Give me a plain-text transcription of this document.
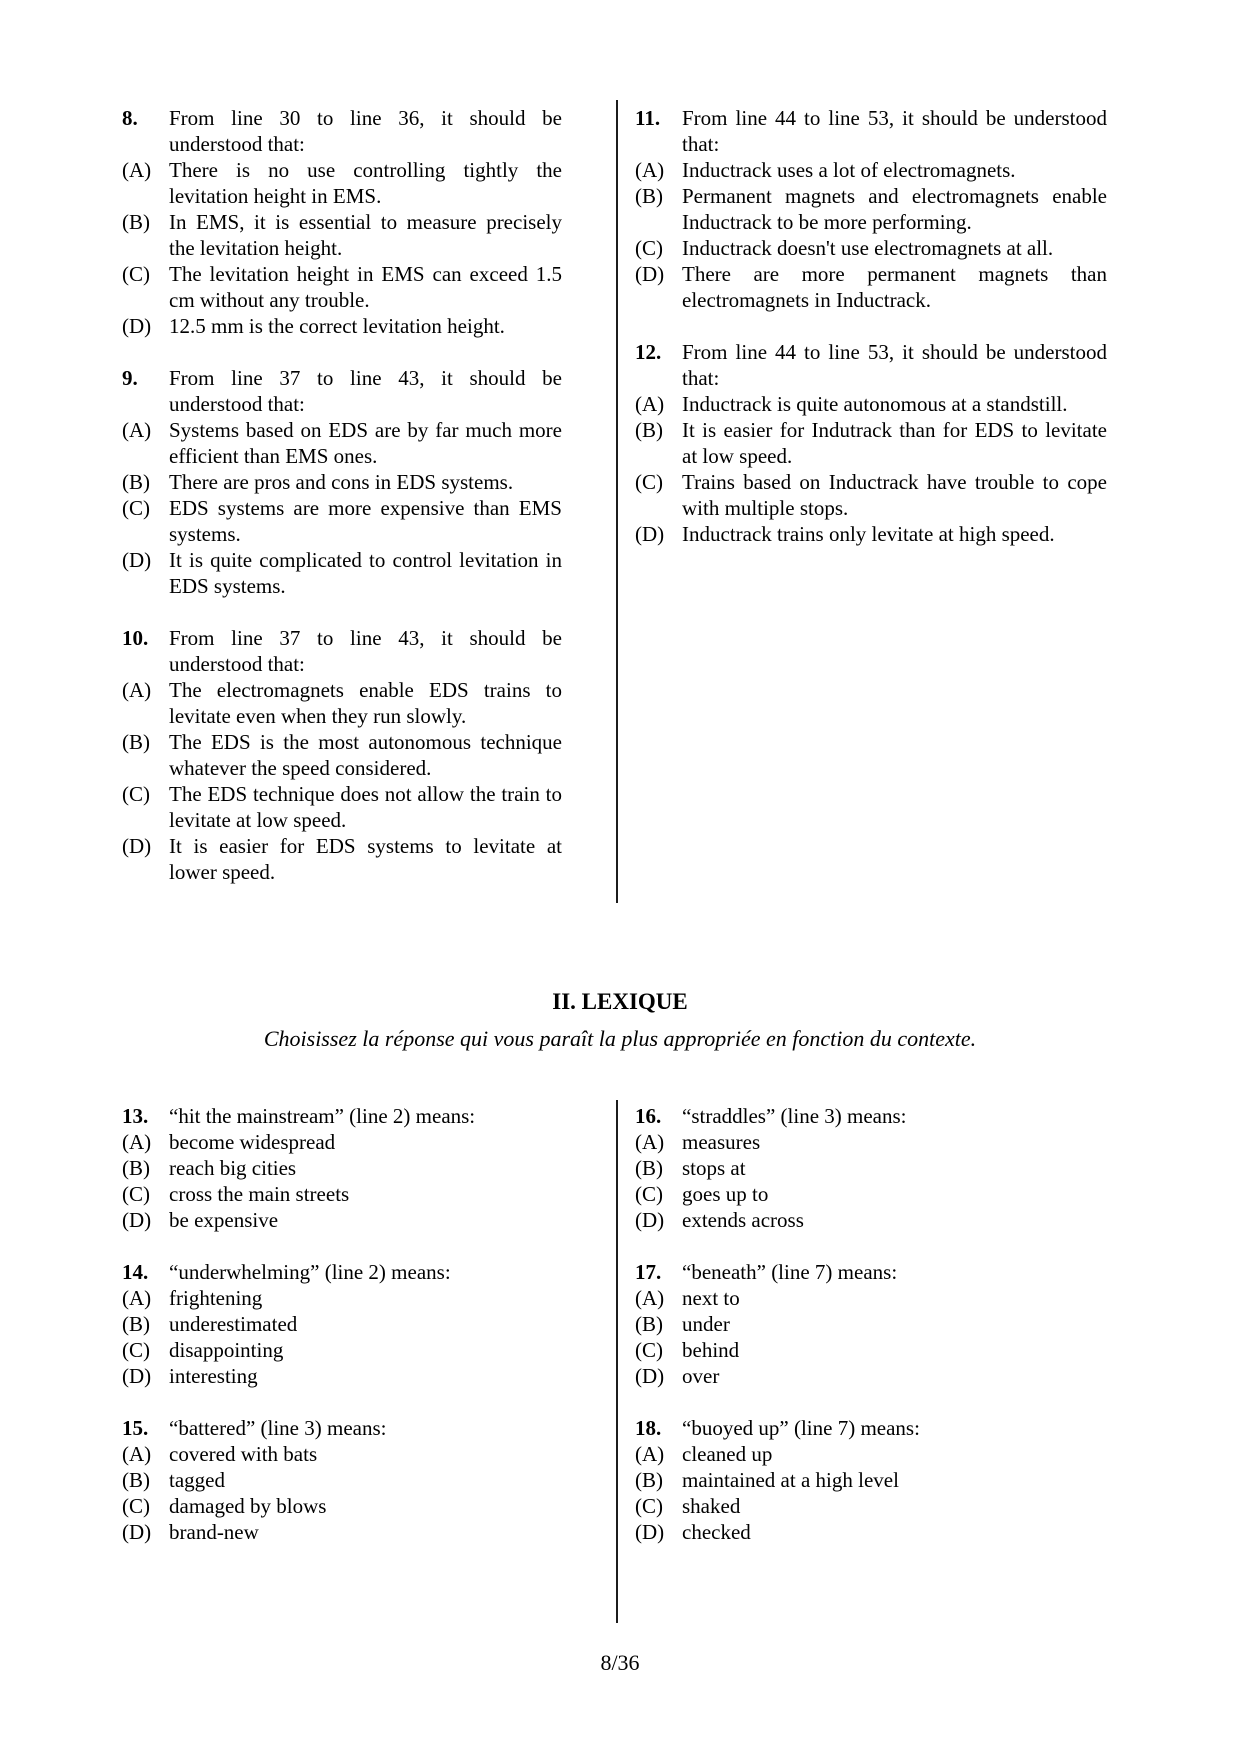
8.	From line 30 to line 36, it should be understood that:
(A) There is no use controlling tightly the levitation height in EMS.
(B) In EMS, it is essential to measure precisely the levitation height.
(C) The levitation height in EMS can exceed 1.5 cm without any trouble.
(D) 12.5 mm is the correct levitation height.
9.	From line 37 to line 43, it should be understood that:
(A) Systems based on EDS are by far much more efficient than EMS ones.
(B) There are pros and cons in EDS systems.
(C) EDS systems are more expensive than EMS systems.
(D) It is quite complicated to control levitation in EDS systems.
10. From line 37 to line 43, it should be understood that:
(A) The electromagnets enable EDS trains to levitate even when they run slowly.
(B) The EDS is the most autonomous technique whatever the speed considered.
(C) The EDS technique does not allow the train to levitate at low speed.
(D) It is easier for EDS systems to levitate at lower speed.
11.	From line 44 to line 53, it should be understood that:
(A) Inductrack uses a lot of electromagnets.
(B) Permanent magnets and electromagnets enable Inductrack to be more performing.
(C) Inductrack doesn't use electromagnets at all.
(D) There are more permanent magnets than electromagnets in Inductrack.
12. From line 44 to line 53, it should be understood that:
(A) Inductrack is quite autonomous at a standstill.
(B) It is easier for Indutrack than for EDS to levitate at low speed.
(C) Trains based on Inductrack have trouble to cope with multiple stops.
(D) Inductrack trains only levitate at high speed.
II. LEXIQUE
Choisissez la réponse qui vous paraît la plus appropriée en fonction du contexte.
13. “hit the mainstream” (line 2) means:
(A) become widespread
(B) reach big cities
(C) cross the main streets
(D) be expensive
14. “underwhelming” (line 2) means:
(A) frightening
(B) underestimated
(C) disappointing
(D) interesting
15. “battered” (line 3) means:
(A) covered with bats
(B) tagged
(C) damaged by blows
(D) brand-new
16. “straddles” (line 3) means:
(A) measures
(B) stops at
(C) goes up to
(D) extends across
17. “beneath” (line 7) means:
(A) next to
(B) under
(C) behind
(D) over
18. “buoyed up” (line 7) means:
(A) cleaned up
(B) maintained at a high level
(C) shaked
(D) checked
8/36
